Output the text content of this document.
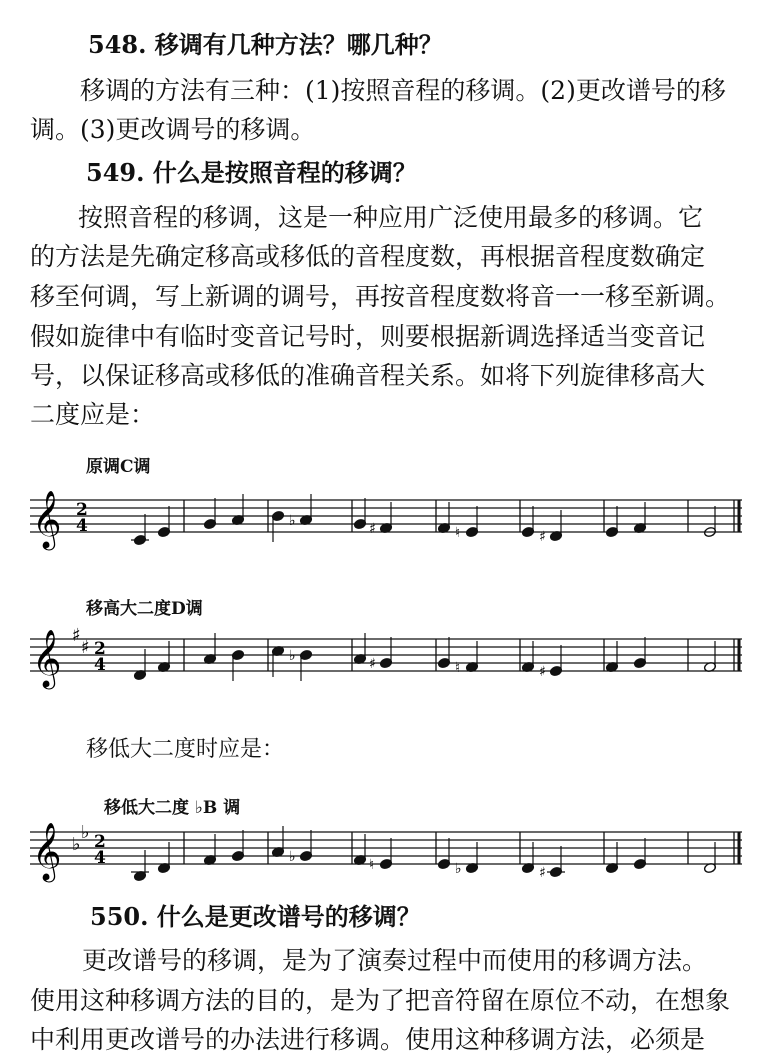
548. 移调有几种方法？哪几种？
移调的方法有三种：(1)按照音程的移调。(2)更改谱号的移
调。(3)更改调号的移调。
549. 什么是按照音程的移调？
按照音程的移调，这是一种应用广泛使用最多的移调。它
的方法是先确定移高或移低的音程度数，再根据音程度数确定
移至何调，写上新调的调号，再按音程度数将音一一移至新调。
假如旋律中有临时变音记号时，则要根据新调选择适当变音记
号，以保证移高或移低的准确音程关系。如将下列旋律移高大
二度应是：
原调C调
𝄞 2
4	♭	♯	♮	♯
移高大二度D调
𝄞 ♯
♯ 2
4	♭	♯	♮	♯
移低大二度时应是：
移低大二度 ♭B 调
𝄞 ♭
♭ 2
4	♭	♮	♭	♯
550. 什么是更改谱号的移调？
更改谱号的移调，是为了演奏过程中而使用的移调方法。
使用这种移调方法的目的，是为了把音符留在原位不动，在想象
中利用更改谱号的办法进行移调。使用这种移调方法，必须是
